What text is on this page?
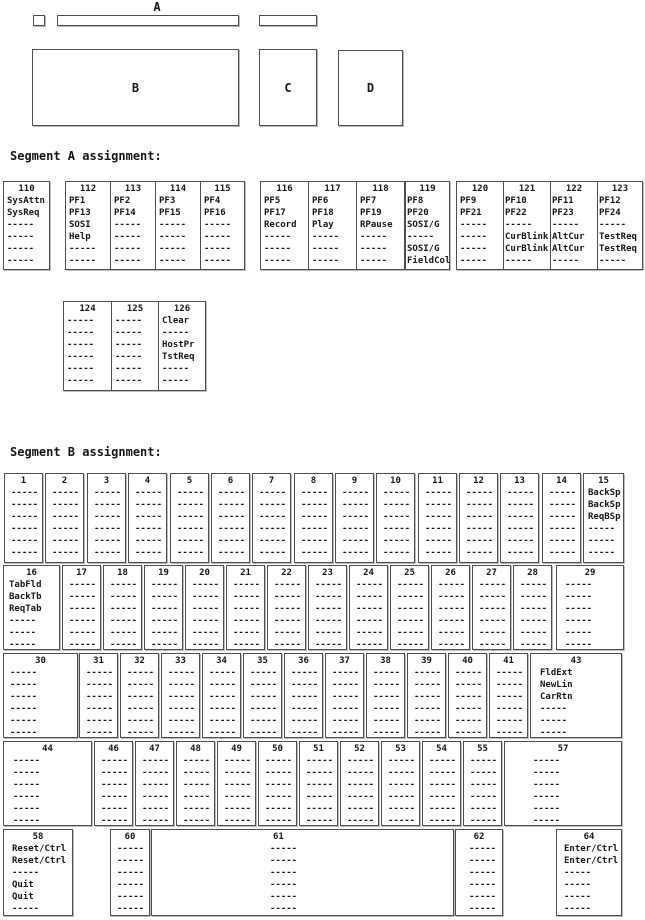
A
B	C	D
Segment A assignment:
110
SysAttn
SysReq
-----
-----
-----
-----
112
PF1
PF13
SOSI
Help
-----
-----
113
PF2
PF14
-----
-----
-----
-----
114
PF3
PF15
-----
-----
-----
-----
115
PF4
PF16
-----
-----
-----
-----
116
PF5
PF17
Record
-----
-----
-----
117
PF6
PF18
Play
-----
-----
-----
118
PF7
PF19
RPause
-----
-----
-----
119
PF8
PF20
SOSI/G
-----
SOSI/G
FieldCol
120
PF9
PF21
-----
-----
-----
-----
121
PF10
PF22
-----
CurBlink
CurBlink
-----
122
PF11
PF23
-----
AltCur
AltCur
-----
123
PF12
PF24
-----
TestReq
TestReq
-----
124
-----
-----
-----
-----
-----
-----
125
-----
-----
-----
-----
-----
-----
126
Clear
-----
HostPr
TstReq
-----
-----
Segment B assignment:
1
-----
-----
-----
-----
-----
-----
2
-----
-----
-----
-----
-----
-----
3
-----
-----
-----
-----
-----
-----
4
-----
-----
-----
-----
-----
-----
5
-----
-----
-----
-----
-----
-----
6
-----
-----
-----
-----
-----
-----
7
-----
-----
-----
-----
-----
-----
8
-----
-----
-----
-----
-----
-----
9
-----
-----
-----
-----
-----
-----
10
-----
-----
-----
-----
-----
-----
11
-----
-----
-----
-----
-----
-----
12
-----
-----
-----
-----
-----
-----
13
-----
-----
-----
-----
-----
-----
14
-----
-----
-----
-----
-----
-----
15
BackSp
BackSp
ReqBSp
-----
-----
-----
16
TabFld
BackTb
ReqTab
-----
-----
-----
17
-----
-----
-----
-----
-----
-----
18
-----
-----
-----
-----
-----
-----
19
-----
-----
-----
-----
-----
-----
20
-----
-----
-----
-----
-----
-----
21
-----
-----
-----
-----
-----
-----
22
-----
-----
-----
-----
-----
-----
23
-----
-----
-----
-----
-----
-----
24
-----
-----
-----
-----
-----
-----
25
-----
-----
-----
-----
-----
-----
26
-----
-----
-----
-----
-----
-----
27
-----
-----
-----
-----
-----
-----
28
-----
-----
-----
-----
-----
-----
29
-----
-----
-----
-----
-----
-----
30
-----
-----
-----
-----
-----
-----
31
-----
-----
-----
-----
-----
-----
32
-----
-----
-----
-----
-----
-----
33
-----
-----
-----
-----
-----
-----
34
-----
-----
-----
-----
-----
-----
35
-----
-----
-----
-----
-----
-----
36
-----
-----
-----
-----
-----
-----
37
-----
-----
-----
-----
-----
-----
38
-----
-----
-----
-----
-----
-----
39
-----
-----
-----
-----
-----
-----
40
-----
-----
-----
-----
-----
-----
41
-----
-----
-----
-----
-----
-----
43
FldExt
NewLin
CarRtn
-----
-----
-----
44
-----
-----
-----
-----
-----
-----
46
-----
-----
-----
-----
-----
-----
47
-----
-----
-----
-----
-----
-----
48
-----
-----
-----
-----
-----
-----
49
-----
-----
-----
-----
-----
-----
50
-----
-----
-----
-----
-----
-----
51
-----
-----
-----
-----
-----
-----
52
-----
-----
-----
-----
-----
-----
53
-----
-----
-----
-----
-----
-----
54
-----
-----
-----
-----
-----
-----
55
-----
-----
-----
-----
-----
-----
57
-----
-----
-----
-----
-----
-----
58
Reset/Ctrl
Reset/Ctrl
-----
Quit
Quit
-----
60
-----
-----
-----
-----
-----
-----
61
-----
-----
-----
-----
-----
-----
62
-----
-----
-----
-----
-----
-----
64
Enter/Ctrl
Enter/Ctrl
-----
-----
-----
-----
